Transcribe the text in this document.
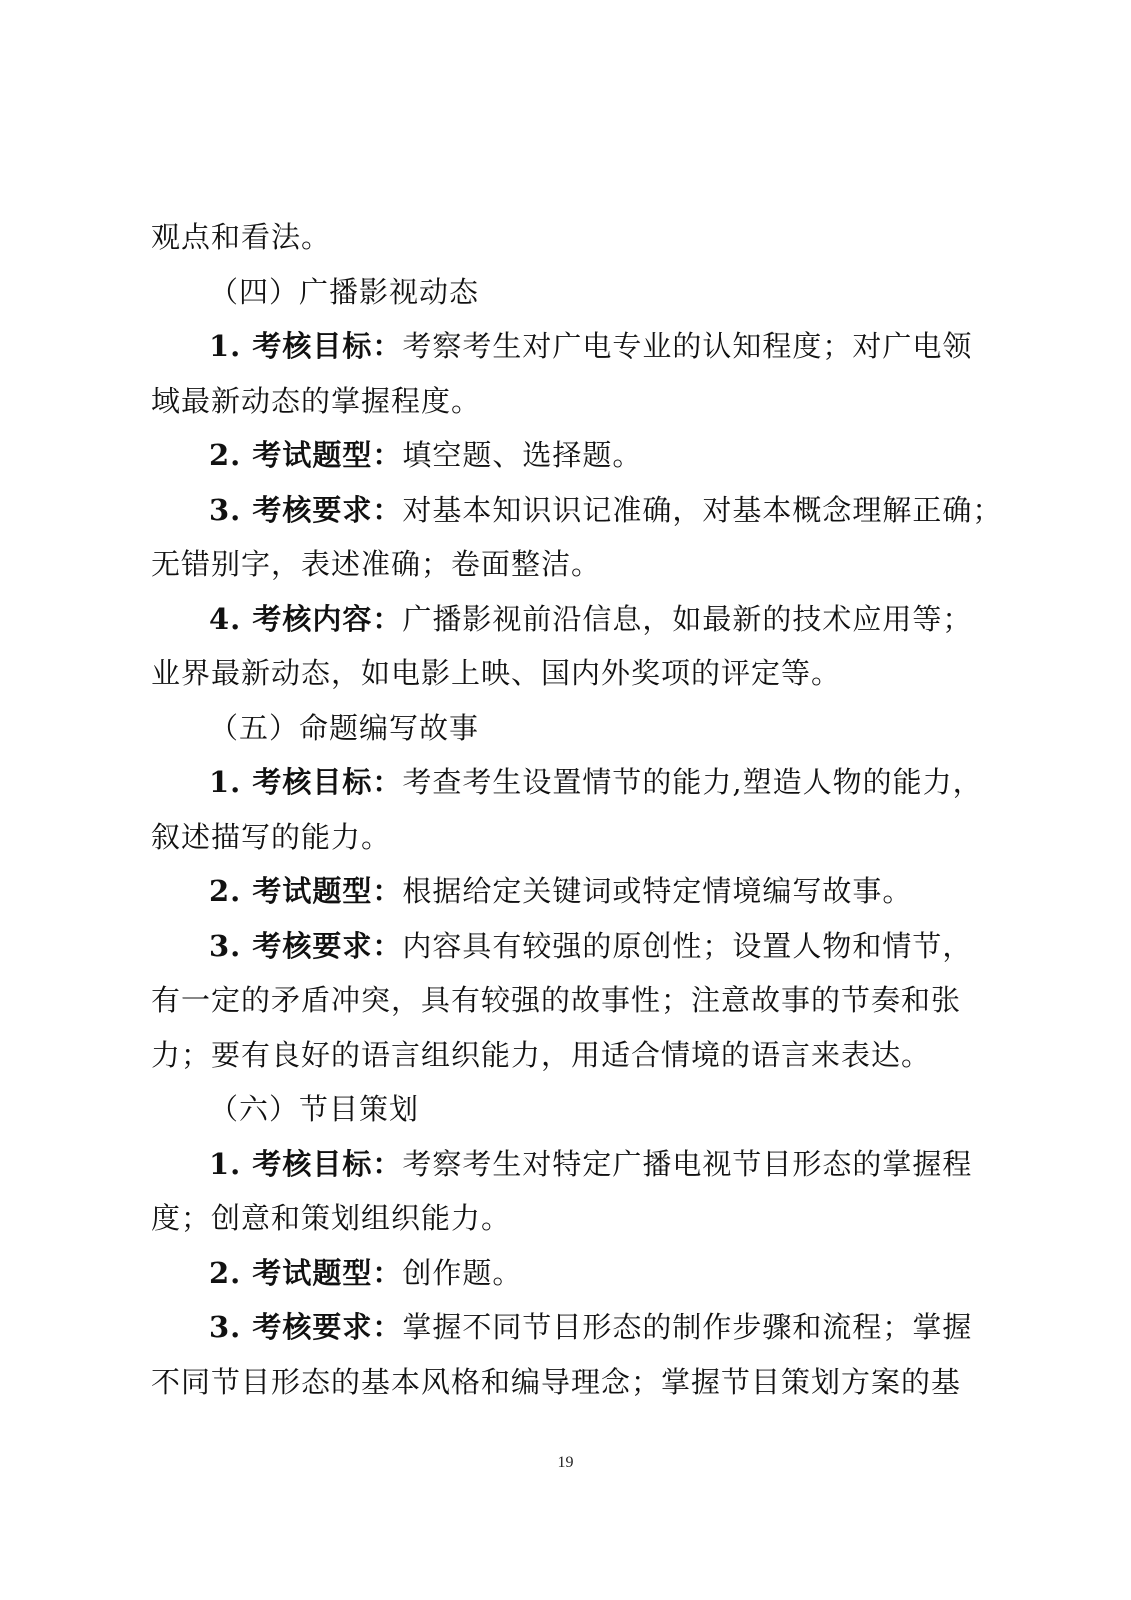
观点和看法。
（四）广播影视动态
1. 考核目标：考察考生对广电专业的认知程度；对广电领
域最新动态的掌握程度。
2. 考试题型：填空题、选择题。
3. 考核要求：对基本知识识记准确，对基本概念理解正确；
无错别字，表述准确；卷面整洁。
4. 考核内容：广播影视前沿信息，如最新的技术应用等；
业界最新动态，如电影上映、国内外奖项的评定等。
（五）命题编写故事
1. 考核目标：考查考生设置情节的能力,塑造人物的能力，
叙述描写的能力。
2. 考试题型：根据给定关键词或特定情境编写故事。
3. 考核要求：内容具有较强的原创性；设置人物和情节，
有一定的矛盾冲突，具有较强的故事性；注意故事的节奏和张
力；要有良好的语言组织能力，用适合情境的语言来表达。
（六）节目策划
1. 考核目标：考察考生对特定广播电视节目形态的掌握程
度；创意和策划组织能力。
2. 考试题型：创作题。
3. 考核要求：掌握不同节目形态的制作步骤和流程；掌握
不同节目形态的基本风格和编导理念；掌握节目策划方案的基
19
